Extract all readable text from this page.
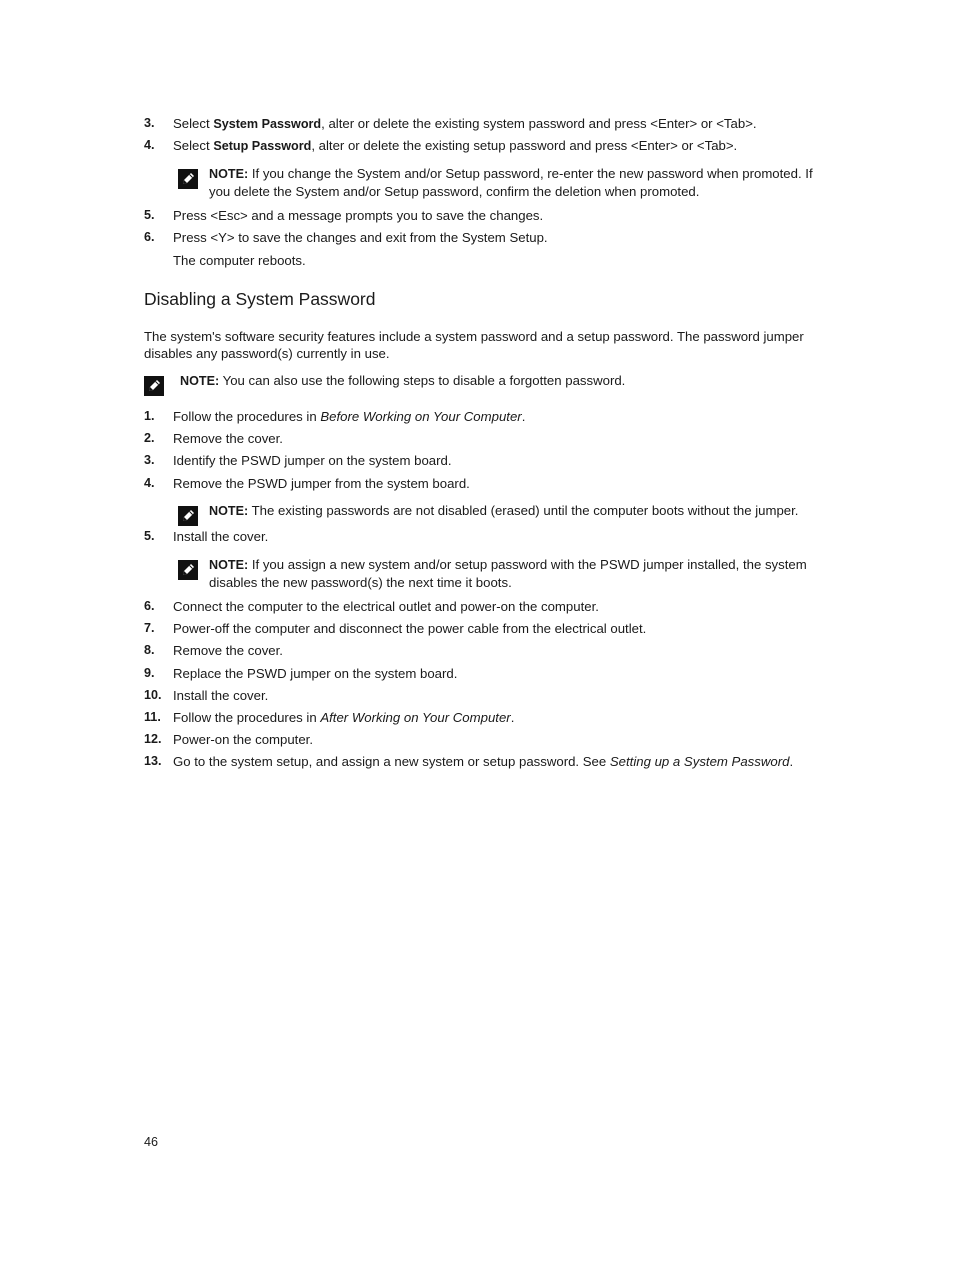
3.	Select System Password, alter or delete the existing system password and press <Enter> or <Tab>.
4.	Select Setup Password, alter or delete the existing setup password and press <Enter> or <Tab>.
NOTE: If you change the System and/or Setup password, re-enter the new password when promoted. If you delete the System and/or Setup password, confirm the deletion when promoted.
5.	Press <Esc> and a message prompts you to save the changes.
6.	Press <Y> to save the changes and exit from the System Setup.
The computer reboots.
Disabling a System Password
The system's software security features include a system password and a setup password. The password jumper disables any password(s) currently in use.
NOTE: You can also use the following steps to disable a forgotten password.
1.	Follow the procedures in Before Working on Your Computer.
2.	Remove the cover.
3.	Identify the PSWD jumper on the system board.
4.	Remove the PSWD jumper from the system board.
NOTE: The existing passwords are not disabled (erased) until the computer boots without the jumper.
5.	Install the cover.
NOTE: If you assign a new system and/or setup password with the PSWD jumper installed, the system disables the new password(s) the next time it boots.
6.	Connect the computer to the electrical outlet and power-on the computer.
7.	Power-off the computer and disconnect the power cable from the electrical outlet.
8.	Remove the cover.
9.	Replace the PSWD jumper on the system board.
10. Install the cover.
11. Follow the procedures in After Working on Your Computer.
12. Power-on the computer.
13. Go to the system setup, and assign a new system or setup password. See Setting up a System Password.
46
